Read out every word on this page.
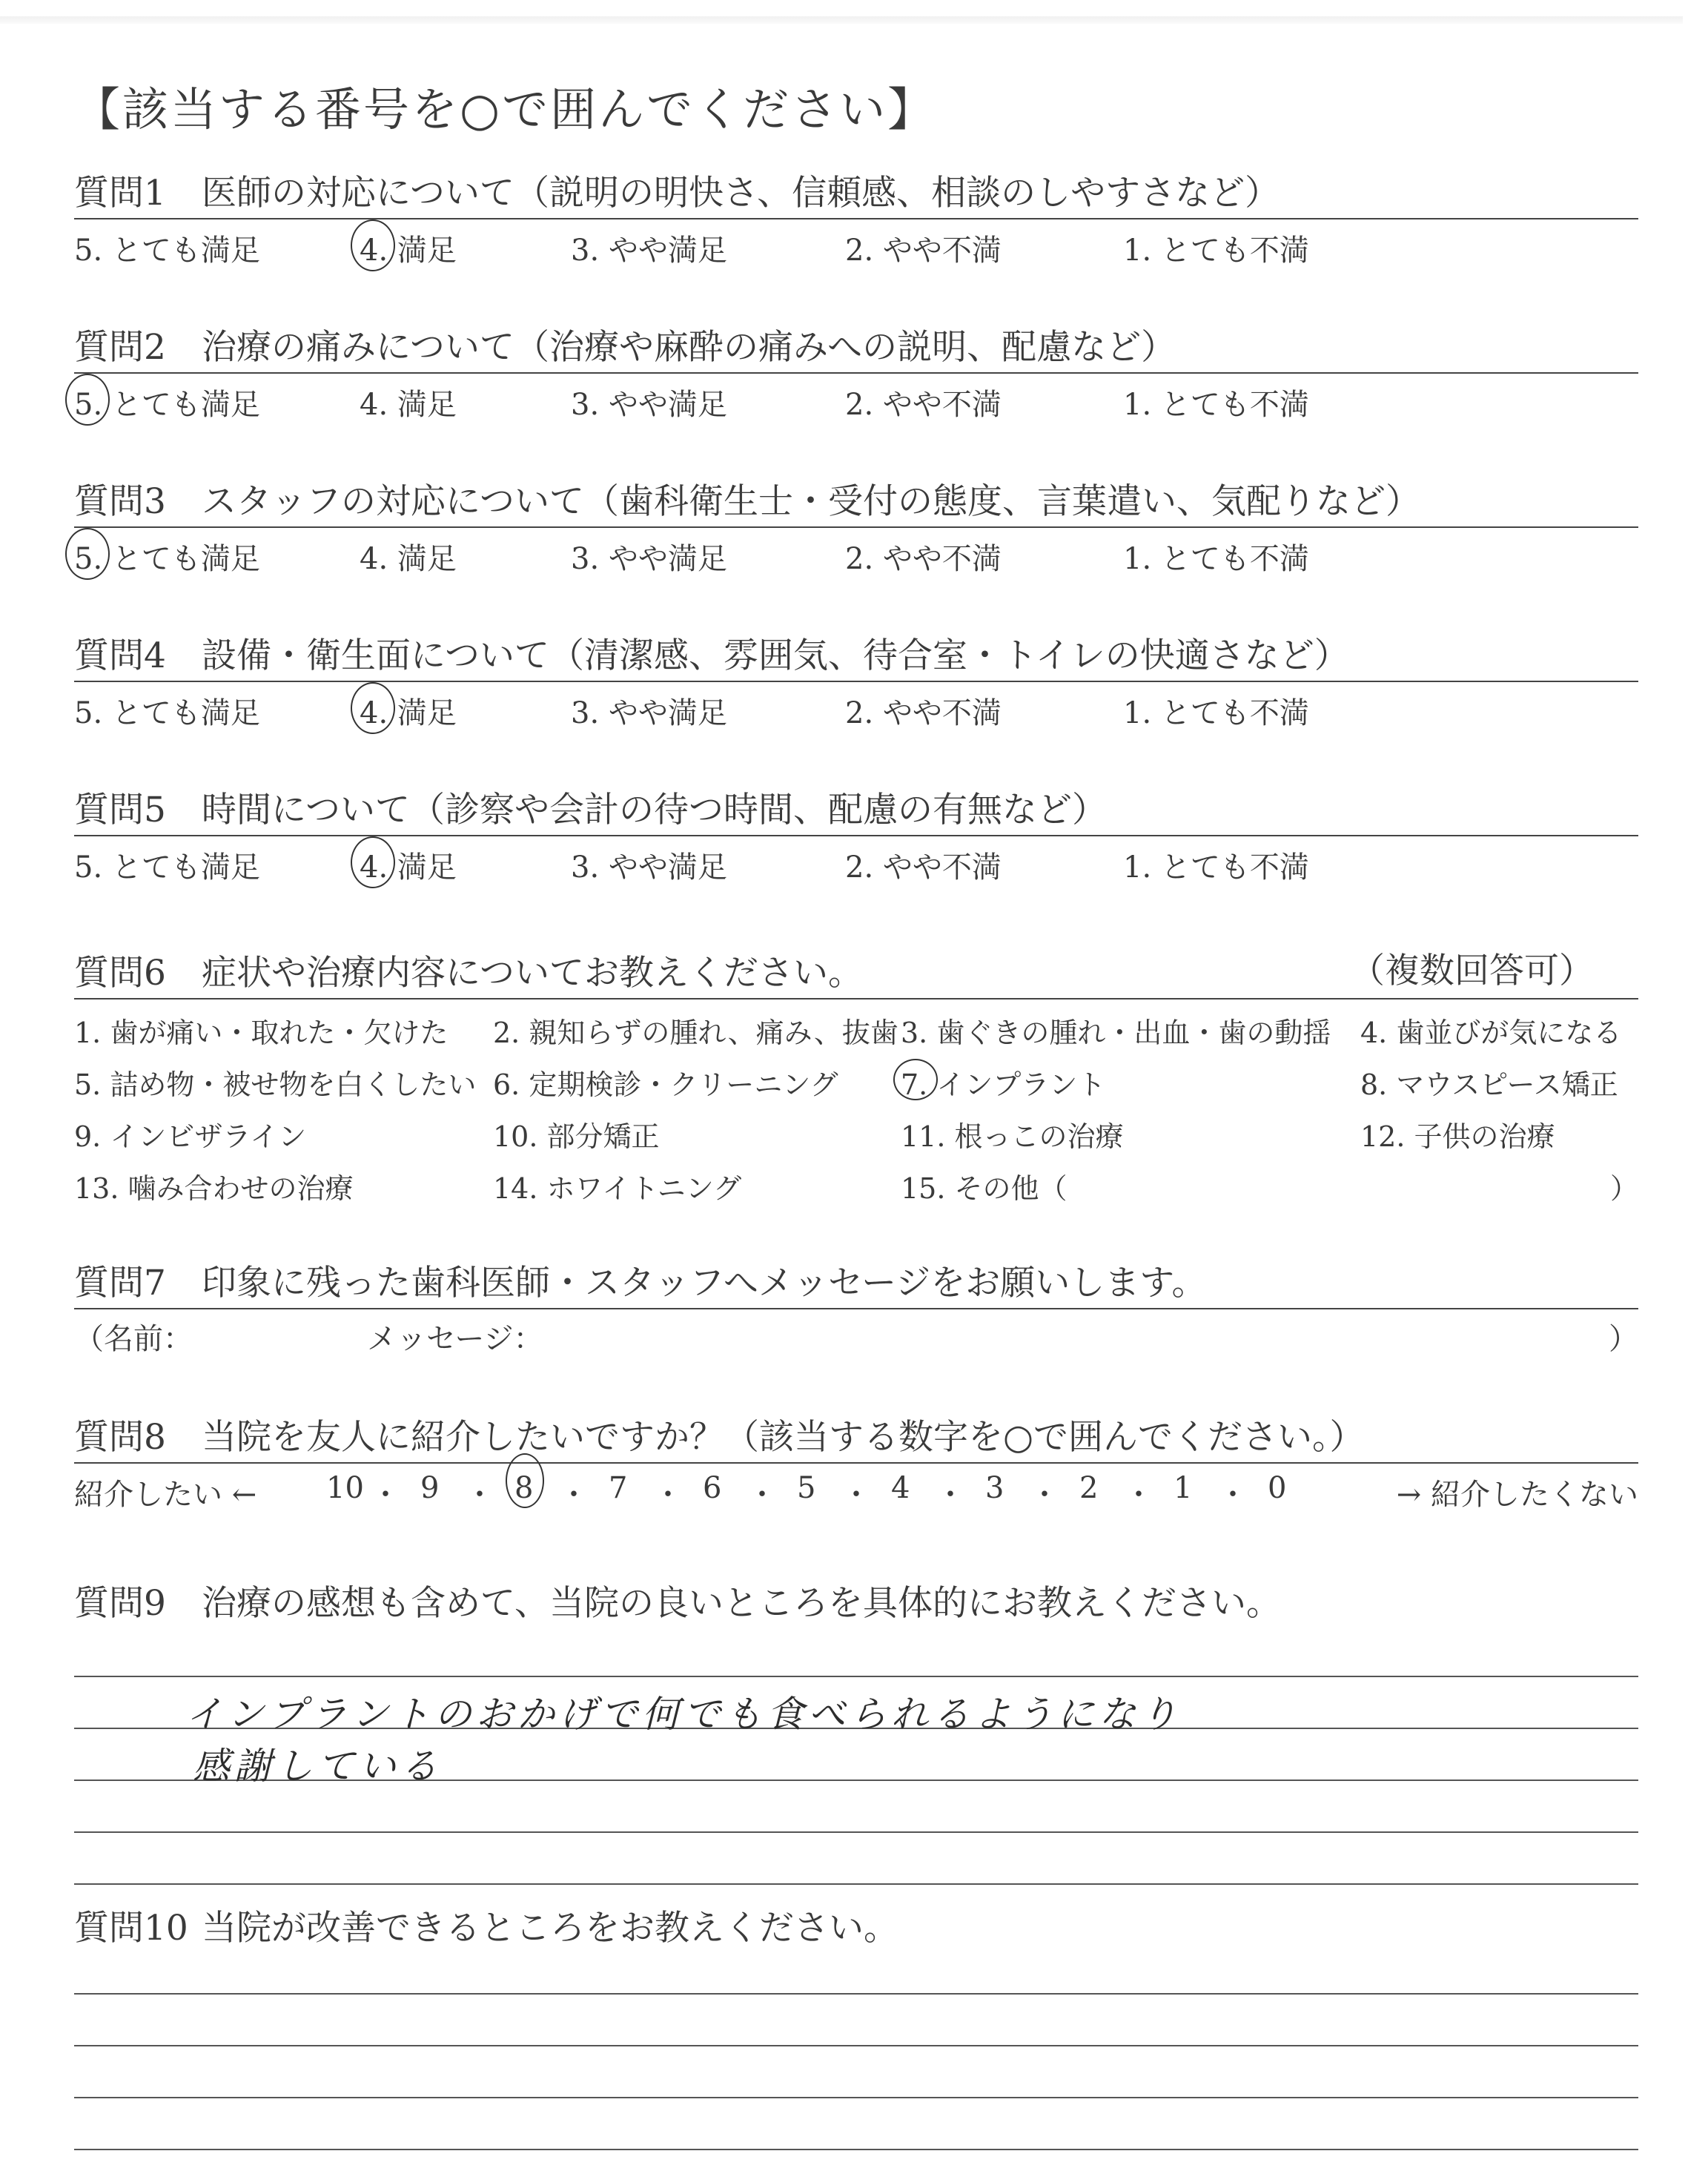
【該当する番号を○で囲んでください】
質問1 医師の対応について（説明の明快さ、信頼感、相談のしやすさなど）
5. とても満足	4. 満足	3. やや満足	2. やや不満	1. とても不満
質問2 治療の痛みについて（治療や麻酔の痛みへの説明、配慮など）
5. とても満足	4. 満足	3. やや満足	2. やや不満	1. とても不満
質問3 スタッフの対応について（歯科衛生士・受付の態度、言葉遣い、気配りなど）
5. とても満足	4. 満足	3. やや満足	2. やや不満	1. とても不満
質問4 設備・衛生面について（清潔感、雰囲気、待合室・トイレの快適さなど）
5. とても満足	4. 満足	3. やや満足	2. やや不満	1. とても不満
質問5 時間について（診察や会計の待つ時間、配慮の有無など）
5. とても満足	4. 満足	3. やや満足	2. やや不満	1. とても不満
質問6 症状や治療内容についてお教えください。	（複数回答可）
1. 歯が痛い・取れた・欠けた 2. 親知らずの腫れ、痛み、抜歯 3. 歯ぐきの腫れ・出血・歯の動揺 4. 歯並びが気になる
5. 詰め物・被せ物を白くしたい 6. 定期検診・クリーニング 7. インプラント	8. マウスピース矯正
9. インビザライン	10. 部分矯正	11. 根っこの治療	12. 子供の治療
13. 噛み合わせの治療	14. ホワイトニング	15. その他（	）
質問7 印象に残った歯科医師・スタッフへメッセージをお願いします。
（名前：	メッセージ：	）
質問8 当院を友人に紹介したいですか？（該当する数字を○で囲んでください。）
紹介したい ←	→ 紹介したくない
10 ・ 9 ・ 8 ・ 7 ・ 6 ・ 5 ・ 4 ・ 3 ・ 2 ・ 1 ・ 0
質問9 治療の感想も含めて、当院の良いところを具体的にお教えください。
インプラントのおかげで何でも食べられるようになり
感謝している
質問10 当院が改善できるところをお教えください。
